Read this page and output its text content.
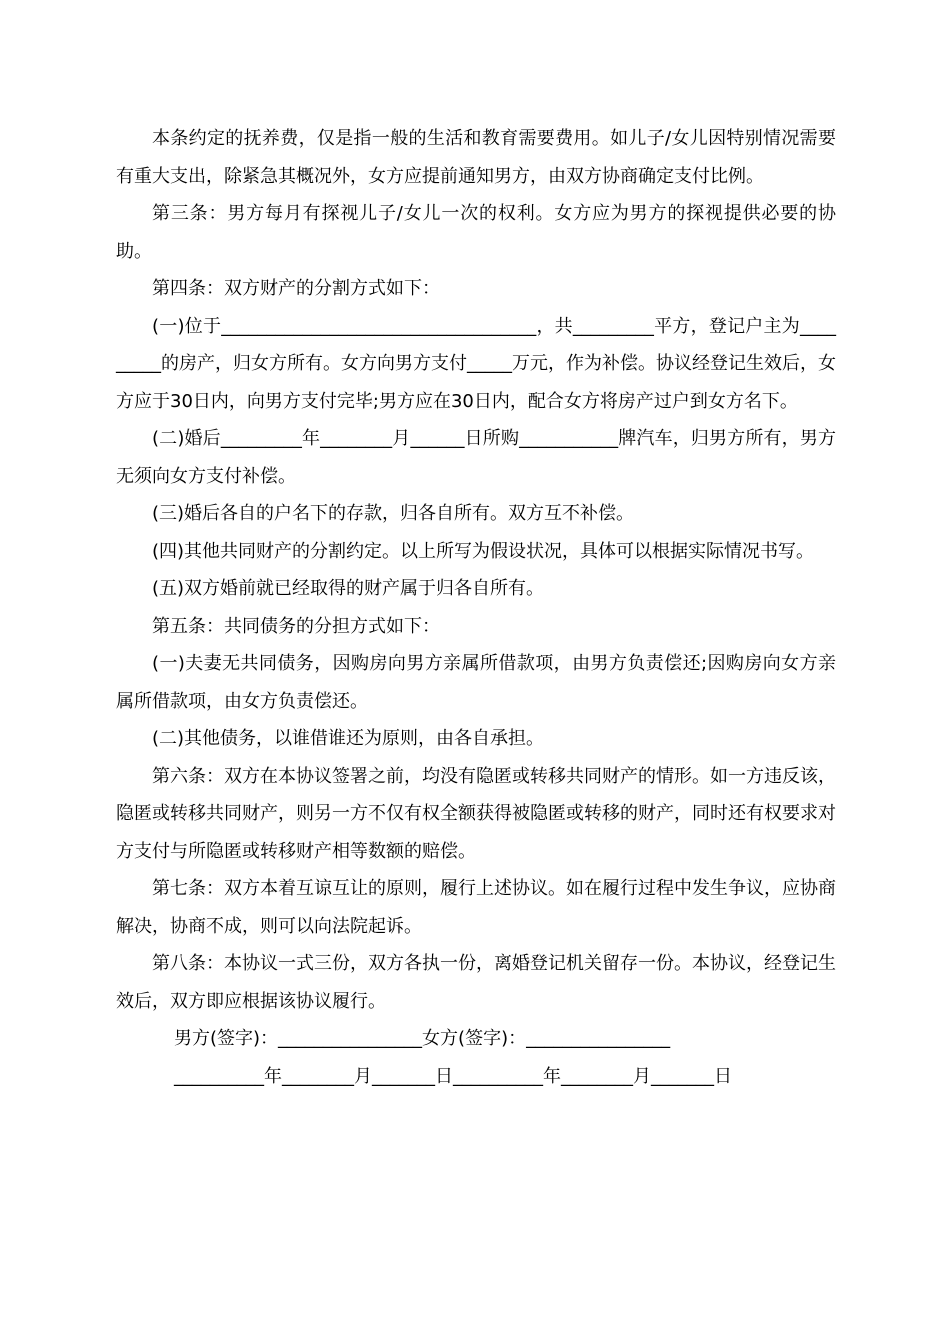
本条约定的抚养费，仅是指一般的生活和教育需要费用。如儿子/女儿因特别情况需要有重大支出，除紧急其概况外，女方应提前通知男方，由双方协商确定支付比例。

第三条：男方每月有探视儿子/女儿一次的权利。女方应为男方的探视提供必要的协助。

第四条：双方财产的分割方式如下：

(一)位于___________________________________，共_________平方，登记户主为_________的房产，归女方所有。女方向男方支付_____万元，作为补偿。协议经登记生效后，女方应于30日内，向男方支付完毕;男方应在30日内，配合女方将房产过户到女方名下。

(二)婚后_________年________月______日所购___________牌汽车，归男方所有，男方无须向女方支付补偿。

(三)婚后各自的户名下的存款，归各自所有。双方互不补偿。

(四)其他共同财产的分割约定。以上所写为假设状况，具体可以根据实际情况书写。

(五)双方婚前就已经取得的财产属于归各自所有。

第五条：共同债务的分担方式如下：

(一)夫妻无共同债务，因购房向男方亲属所借款项，由男方负责偿还;因购房向女方亲属所借款项，由女方负责偿还。

(二)其他债务，以谁借谁还为原则，由各自承担。

第六条：双方在本协议签署之前，均没有隐匿或转移共同财产的情形。如一方违反该，隐匿或转移共同财产，则另一方不仅有权全额获得被隐匿或转移的财产，同时还有权要求对方支付与所隐匿或转移财产相等数额的赔偿。

第七条：双方本着互谅互让的原则，履行上述协议。如在履行过程中发生争议，应协商解决，协商不成，则可以向法院起诉。

第八条：本协议一式三份，双方各执一份，离婚登记机关留存一份。本协议，经登记生效后，双方即应根据该协议履行。

男方(签字)：________________女方(签字)：________________

__________年________月_______日__________年________月_______日
